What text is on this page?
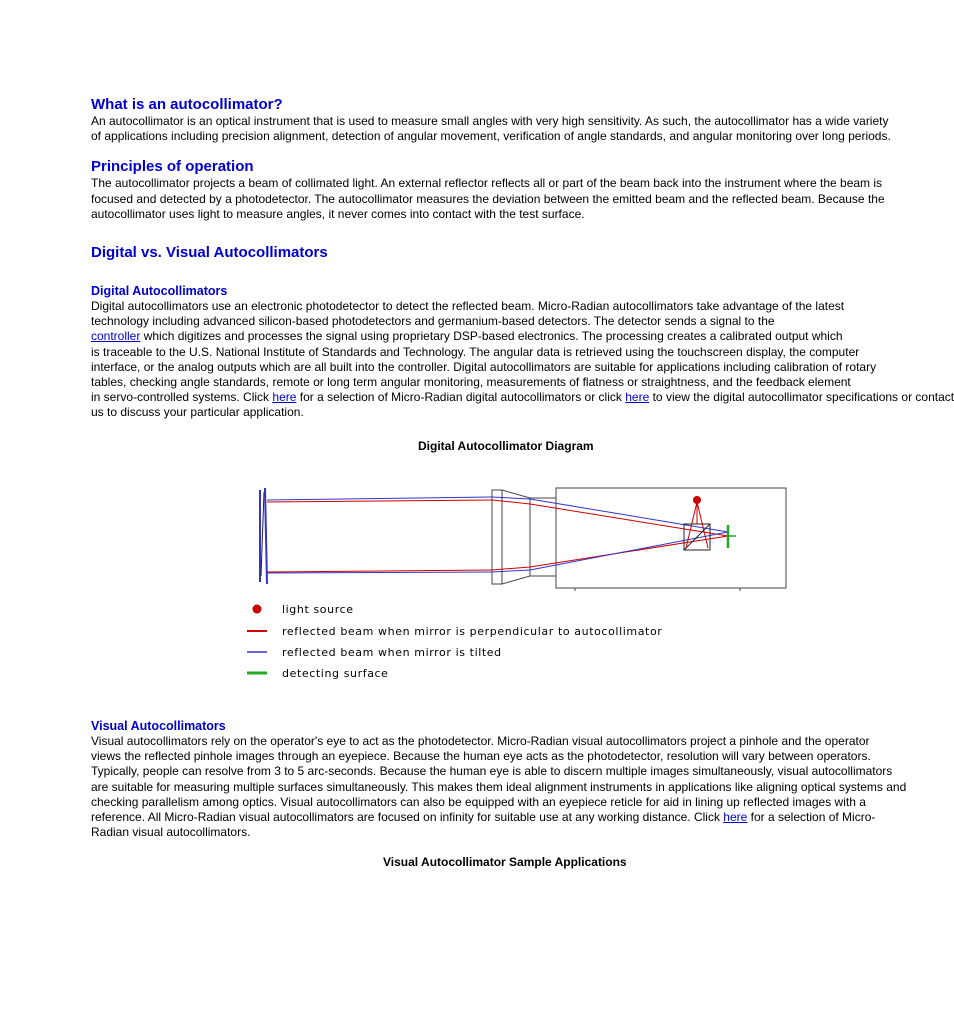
What is an autocollimator?

An autocollimator is an optical instrument that is used to measure small angles with very high sensitivity. As such, the autocollimator has a wide variety
of applications including precision alignment, detection of angular movement, verification of angle standards, and angular monitoring over long periods.

Principles of operation

The autocollimator projects a beam of collimated light. An external reflector reflects all or part of the beam back into the instrument where the beam is
focused and detected by a photodetector. The autocollimator measures the deviation between the emitted beam and the reflected beam. Because the
autocollimator uses light to measure angles, it never comes into contact with the test surface.

Digital vs. Visual Autocollimators
Digital Autocollimators

Digital autocollimators use an electronic photodetector to detect the reflected beam. Micro-Radian autocollimators take advantage of the latest
technology including advanced silicon-based photodetectors and germanium-based detectors. The detector sends a signal to the
controller which digitizes and processes the signal using proprietary DSP-based electronics. The processing creates a calibrated output which
is traceable to the U.S. National Institute of Standards and Technology. The angular data is retrieved using the touchscreen display, the computer
interface, or the analog outputs which are all built into the controller. Digital autocollimators are suitable for applications including calibration of rotary
tables, checking angle standards, remote or long term angular monitoring, measurements of flatness or straightness, and the feedback element
in servo-controlled systems. Click here for a selection of Micro-Radian digital autocollimators or click here to view the digital autocollimator specifications or contact
us to discuss your particular application.

Digital Autocollimator Diagram
light source
reflected beam when mirror is perpendicular to autocollimator
reflected beam when mirror is tilted
detecting surface
Visual Autocollimators

Visual autocollimators rely on the operator's eye to act as the photodetector. Micro-Radian visual autocollimators project a pinhole and the operator
views the reflected pinhole images through an eyepiece. Because the human eye acts as the photodetector, resolution will vary between operators.
Typically, people can resolve from 3 to 5 arc-seconds. Because the human eye is able to discern multiple images simultaneously, visual autocollimators
are suitable for measuring multiple surfaces simultaneously. This makes them ideal alignment instruments in applications like aligning optical systems and
checking parallelism among optics. Visual autocollimators can also be equipped with an eyepiece reticle for aid in lining up reflected images with a
reference. All Micro-Radian visual autocollimators are focused on infinity for suitable use at any working distance. Click here for a selection of Micro-
Radian visual autocollimators.

Visual Autocollimator Sample Applications
